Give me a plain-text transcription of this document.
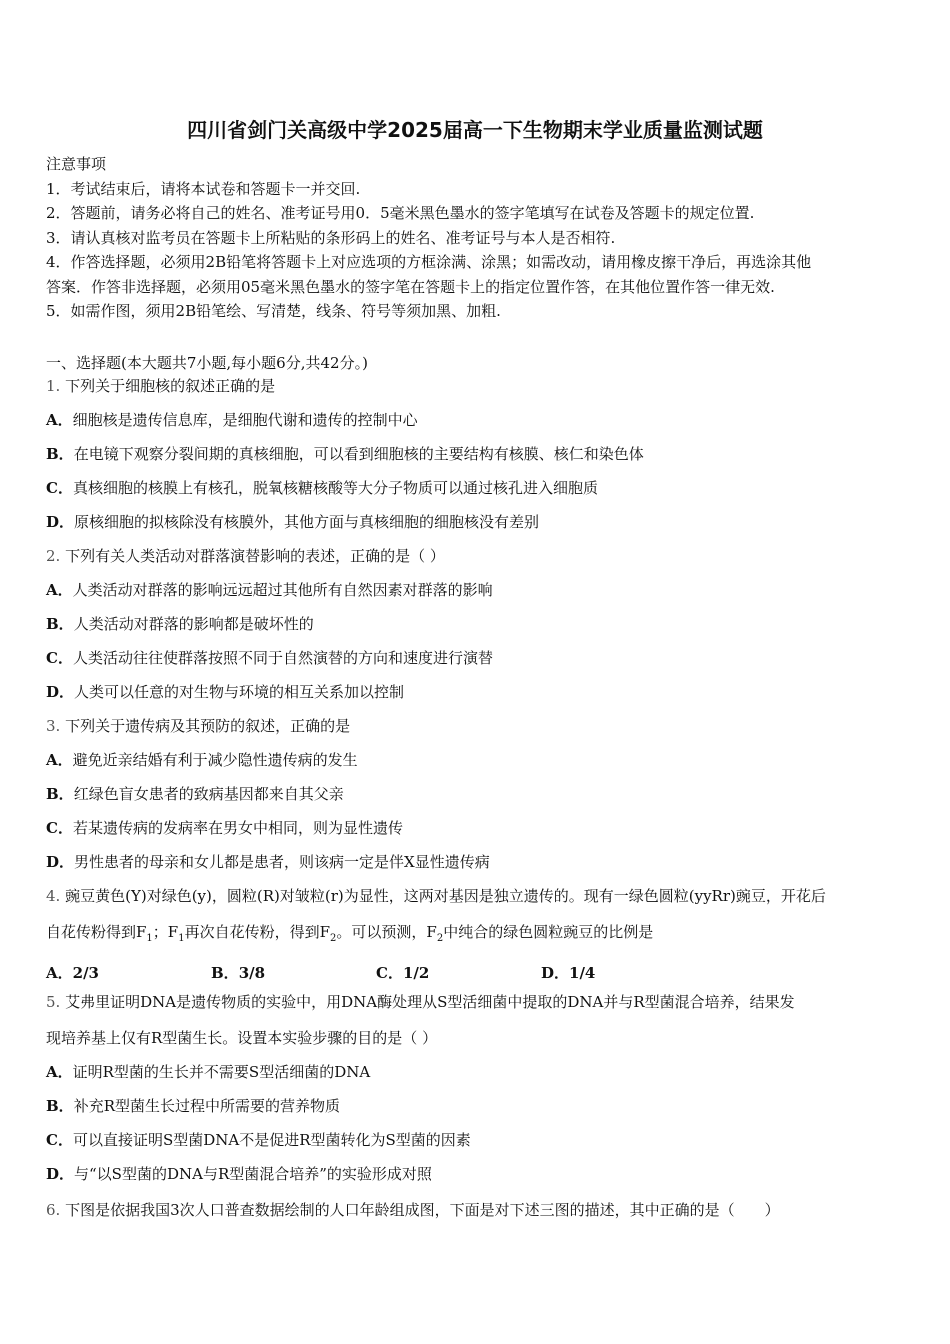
四川省剑门关高级中学2025届高一下生物期末学业质量监测试题
注意事项
1．考试结束后，请将本试卷和答题卡一并交回.
2．答题前，请务必将自己的姓名、准考证号用0．5毫米黑色墨水的签字笔填写在试卷及答题卡的规定位置.
3．请认真核对监考员在答题卡上所粘贴的条形码上的姓名、准考证号与本人是否相符.
4．作答选择题，必须用2B铅笔将答题卡上对应选项的方框涂满、涂黑；如需改动，请用橡皮擦干净后，再选涂其他
答案．作答非选择题，必须用05毫米黑色墨水的签字笔在答题卡上的指定位置作答，在其他位置作答一律无效.
5．如需作图，须用2B铅笔绘、写清楚，线条、符号等须加黑、加粗.
一、选择题(本大题共7小题,每小题6分,共42分。)
1. 下列关于细胞核的叙述正确的是
A．细胞核是遗传信息库，是细胞代谢和遗传的控制中心
B．在电镜下观察分裂间期的真核细胞，可以看到细胞核的主要结构有核膜、核仁和染色体
C．真核细胞的核膜上有核孔，脱氧核糖核酸等大分子物质可以通过核孔进入细胞质
D．原核细胞的拟核除没有核膜外，其他方面与真核细胞的细胞核没有差别
2. 下列有关人类活动对群落演替影响的表述，正确的是（ ）
A．人类活动对群落的影响远远超过其他所有自然因素对群落的影响
B．人类活动对群落的影响都是破坏性的
C．人类活动往往使群落按照不同于自然演替的方向和速度进行演替
D．人类可以任意的对生物与环境的相互关系加以控制
3. 下列关于遗传病及其预防的叙述，正确的是
A．避免近亲结婚有利于减少隐性遗传病的发生
B．红绿色盲女患者的致病基因都来自其父亲
C．若某遗传病的发病率在男女中相同，则为显性遗传
D．男性患者的母亲和女儿都是患者，则该病一定是伴X显性遗传病
4. 豌豆黄色(Y)对绿色(y)，圆粒(R)对皱粒(r)为显性，这两对基因是独立遗传的。现有一绿色圆粒(yyRr)豌豆，开花后
自花传粉得到$F_1$；$F_1$再次自花传粉，得到$F_2$。可以预测，$F_2$中纯合的绿色圆粒豌豆的比例是
A．2/3	B．3/8	C．1/2	D．1/4
5. 艾弗里证明DNA是遗传物质的实验中，用DNA酶处理从S型活细菌中提取的DNA并与R型菌混合培养，结果发
现培养基上仅有R型菌生长。设置本实验步骤的目的是（ ）
A．证明R型菌的生长并不需要S型活细菌的DNA
B．补充R型菌生长过程中所需要的营养物质
C．可以直接证明S型菌DNA不是促进R型菌转化为S型菌的因素
D．与“以S型菌的DNA与R型菌混合培养”的实验形成对照
6. 下图是依据我国3次人口普查数据绘制的人口年龄组成图，下面是对下述三图的描述，其中正确的是（　　）
